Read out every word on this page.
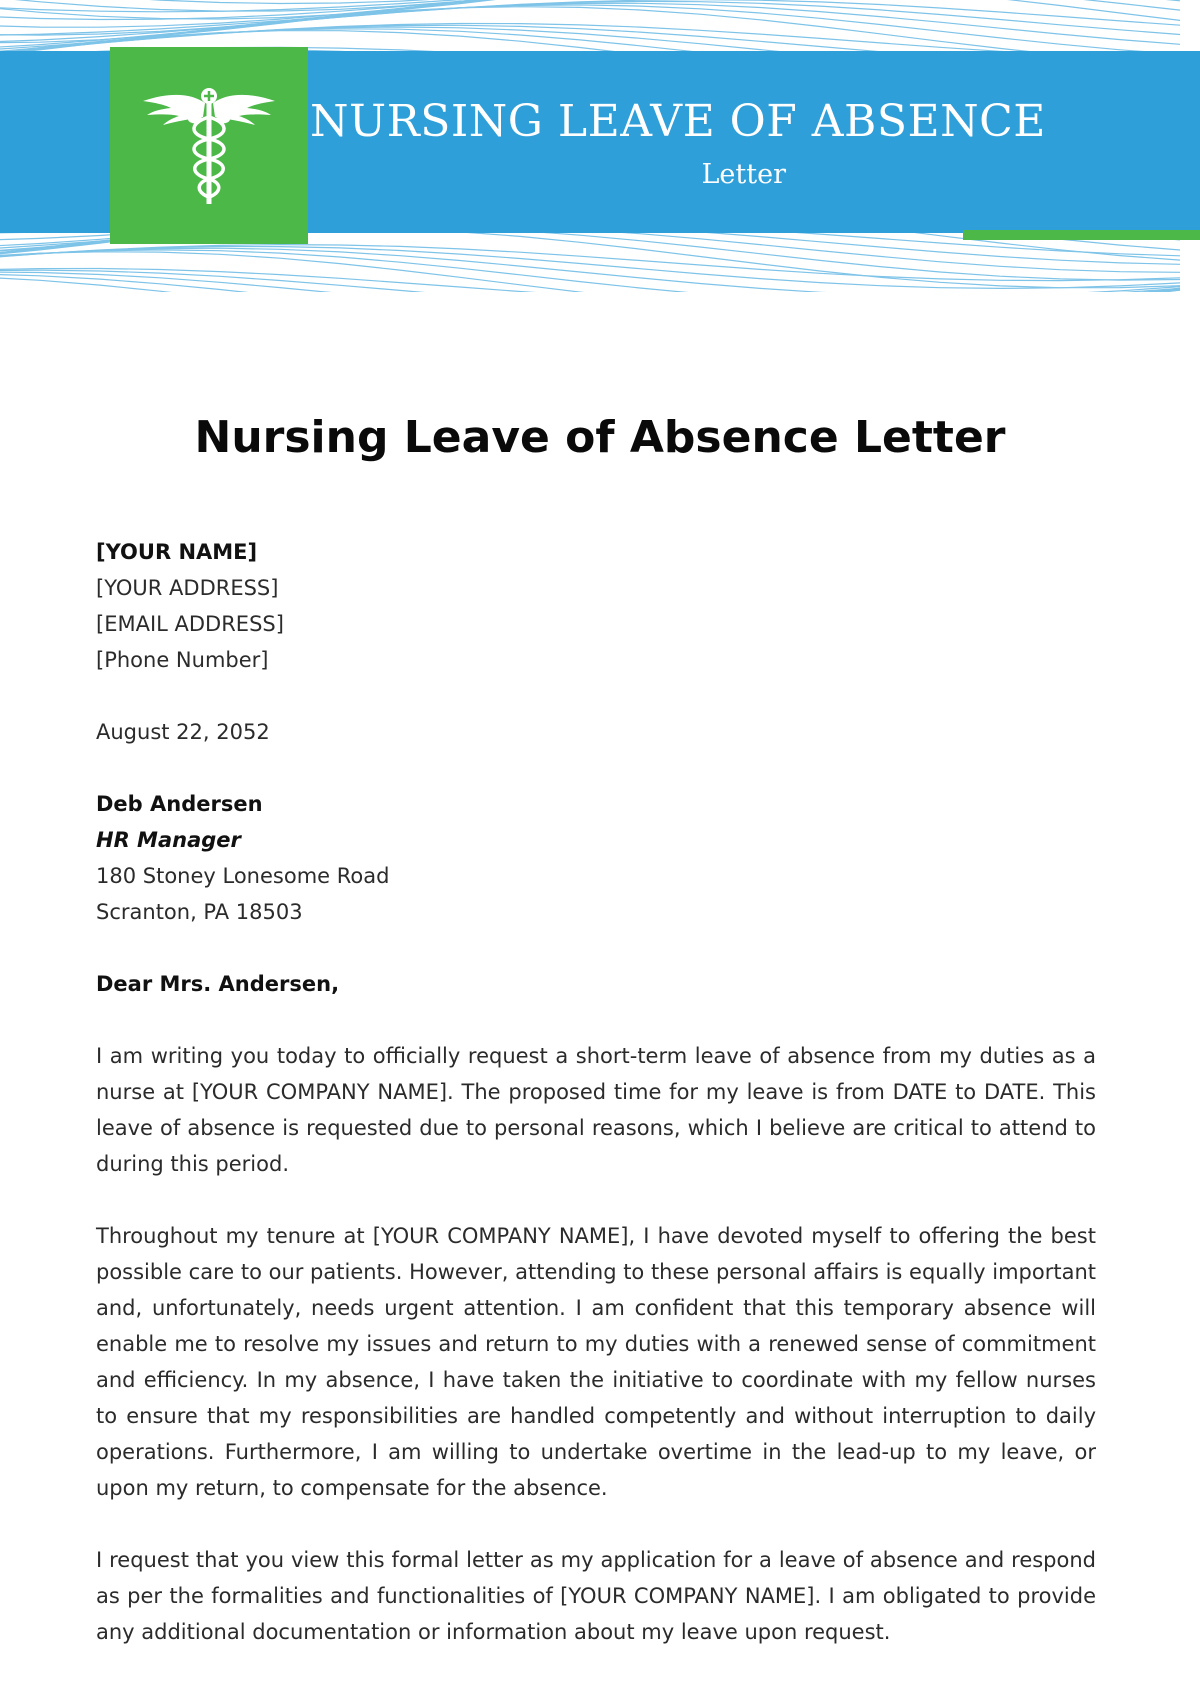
NURSING LEAVE OF ABSENCE
Letter
Nursing Leave of Absence Letter

[YOUR NAME]

[YOUR ADDRESS]

[EMAIL ADDRESS]

[Phone Number]

August 22, 2052

Deb Andersen

HR Manager

180 Stoney Lonesome Road

Scranton, PA 18503

Dear Mrs. Andersen,

I am writing you today to officially request a short-term leave of absence from my duties as a nurse at [YOUR COMPANY NAME]. The proposed time for my leave is from DATE to DATE. This leave of absence is requested due to personal reasons, which I believe are critical to attend to during this period.

Throughout my tenure at [YOUR COMPANY NAME], I have devoted myself to offering the best possible care to our patients. However, attending to these personal affairs is equally important and, unfortunately, needs urgent attention. I am confident that this temporary absence will enable me to resolve my issues and return to my duties with a renewed sense of commitment and efficiency. In my absence, I have taken the initiative to coordinate with my fellow nurses to ensure that my responsibilities are handled competently and without interruption to daily operations. Furthermore, I am willing to undertake overtime in the lead-up to my leave, or upon my return, to compensate for the absence.

I request that you view this formal letter as my application for a leave of absence and respond as per the formalities and functionalities of [YOUR COMPANY NAME]. I am obligated to provide any additional documentation or information about my leave upon request.
